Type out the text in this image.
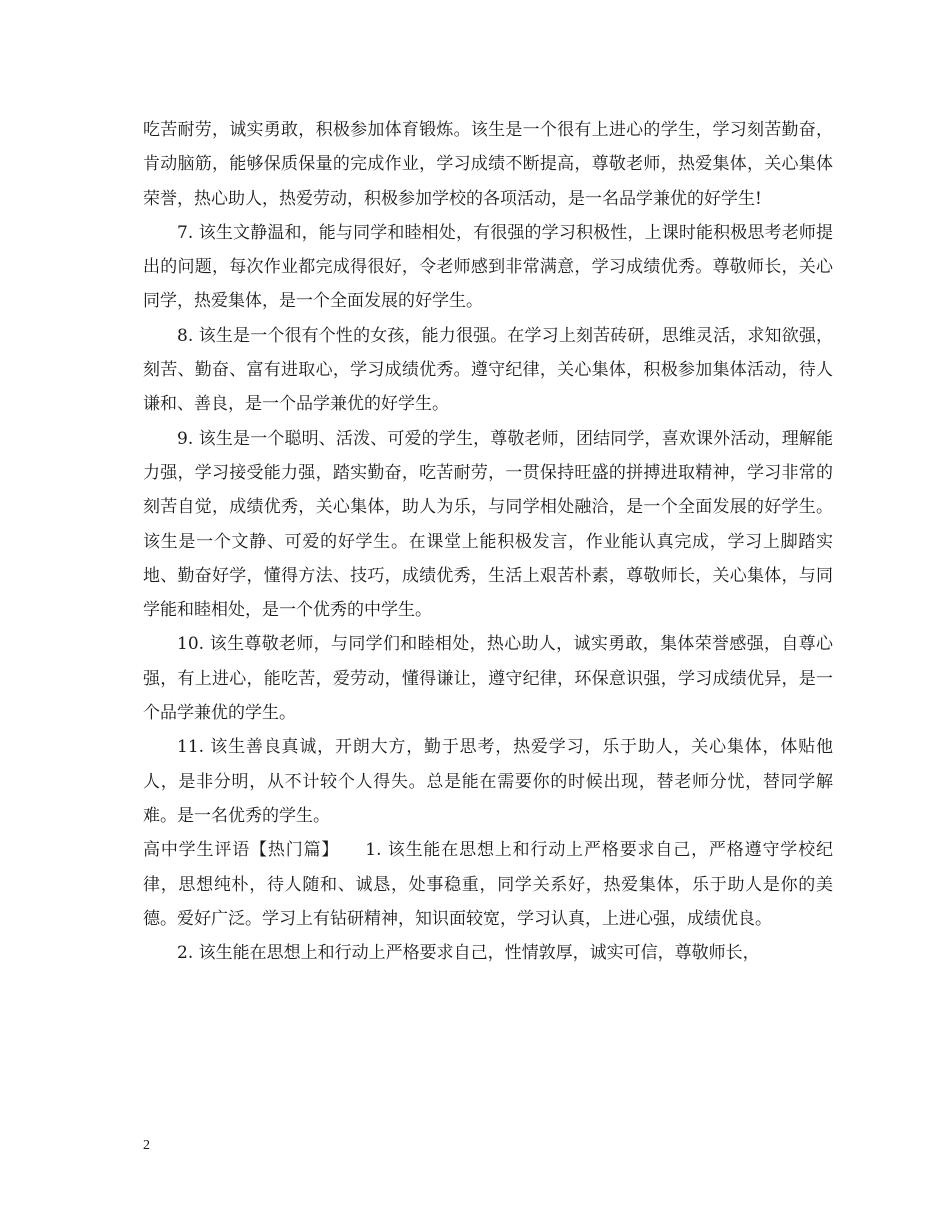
吃苦耐劳，诚实勇敢，积极参加体育锻炼。该生是一个很有上进心的学生，学习刻苦勤奋，肯动脑筋，能够保质保量的完成作业，学习成绩不断提高，尊敬老师，热爱集体，关心集体荣誉，热心助人，热爱劳动，积极参加学校的各项活动，是一名品学兼优的好学生!

7. 该生文静温和，能与同学和睦相处，有很强的学习积极性，上课时能积极思考老师提出的问题，每次作业都完成得很好，令老师感到非常满意，学习成绩优秀。尊敬师长，关心同学，热爱集体，是一个全面发展的好学生。

8. 该生是一个很有个性的女孩，能力很强。在学习上刻苦砖研，思维灵活，求知欲强，刻苦、勤奋、富有进取心，学习成绩优秀。遵守纪律，关心集体，积极参加集体活动，待人谦和、善良，是一个品学兼优的好学生。

9. 该生是一个聪明、活泼、可爱的学生，尊敬老师，团结同学，喜欢课外活动，理解能力强，学习接受能力强，踏实勤奋，吃苦耐劳，一贯保持旺盛的拼搏进取精神，学习非常的刻苦自觉，成绩优秀，关心集体，助人为乐，与同学相处融洽，是一个全面发展的好学生。该生是一个文静、可爱的好学生。在课堂上能积极发言，作业能认真完成，学习上脚踏实地、勤奋好学，懂得方法、技巧，成绩优秀，生活上艰苦朴素，尊敬师长，关心集体，与同学能和睦相处，是一个优秀的中学生。

10. 该生尊敬老师，与同学们和睦相处，热心助人，诚实勇敢，集体荣誉感强，自尊心强，有上进心，能吃苦，爱劳动，懂得谦让，遵守纪律，环保意识强，学习成绩优异，是一个品学兼优的学生。

11. 该生善良真诚，开朗大方，勤于思考，热爱学习，乐于助人，关心集体，体贴他人，是非分明，从不计较个人得失。总是能在需要你的时候出现，替老师分忧，替同学解难。是一名优秀的学生。

高中学生评语【热门篇】 1. 该生能在思想上和行动上严格要求自己，严格遵守学校纪律，思想纯朴，待人随和、诚恳，处事稳重，同学关系好，热爱集体，乐于助人是你的美德。爱好广泛。学习上有钻研精神，知识面较宽，学习认真，上进心强，成绩优良。

2. 该生能在思想上和行动上严格要求自己，性情敦厚，诚实可信，尊敬师长，

2
